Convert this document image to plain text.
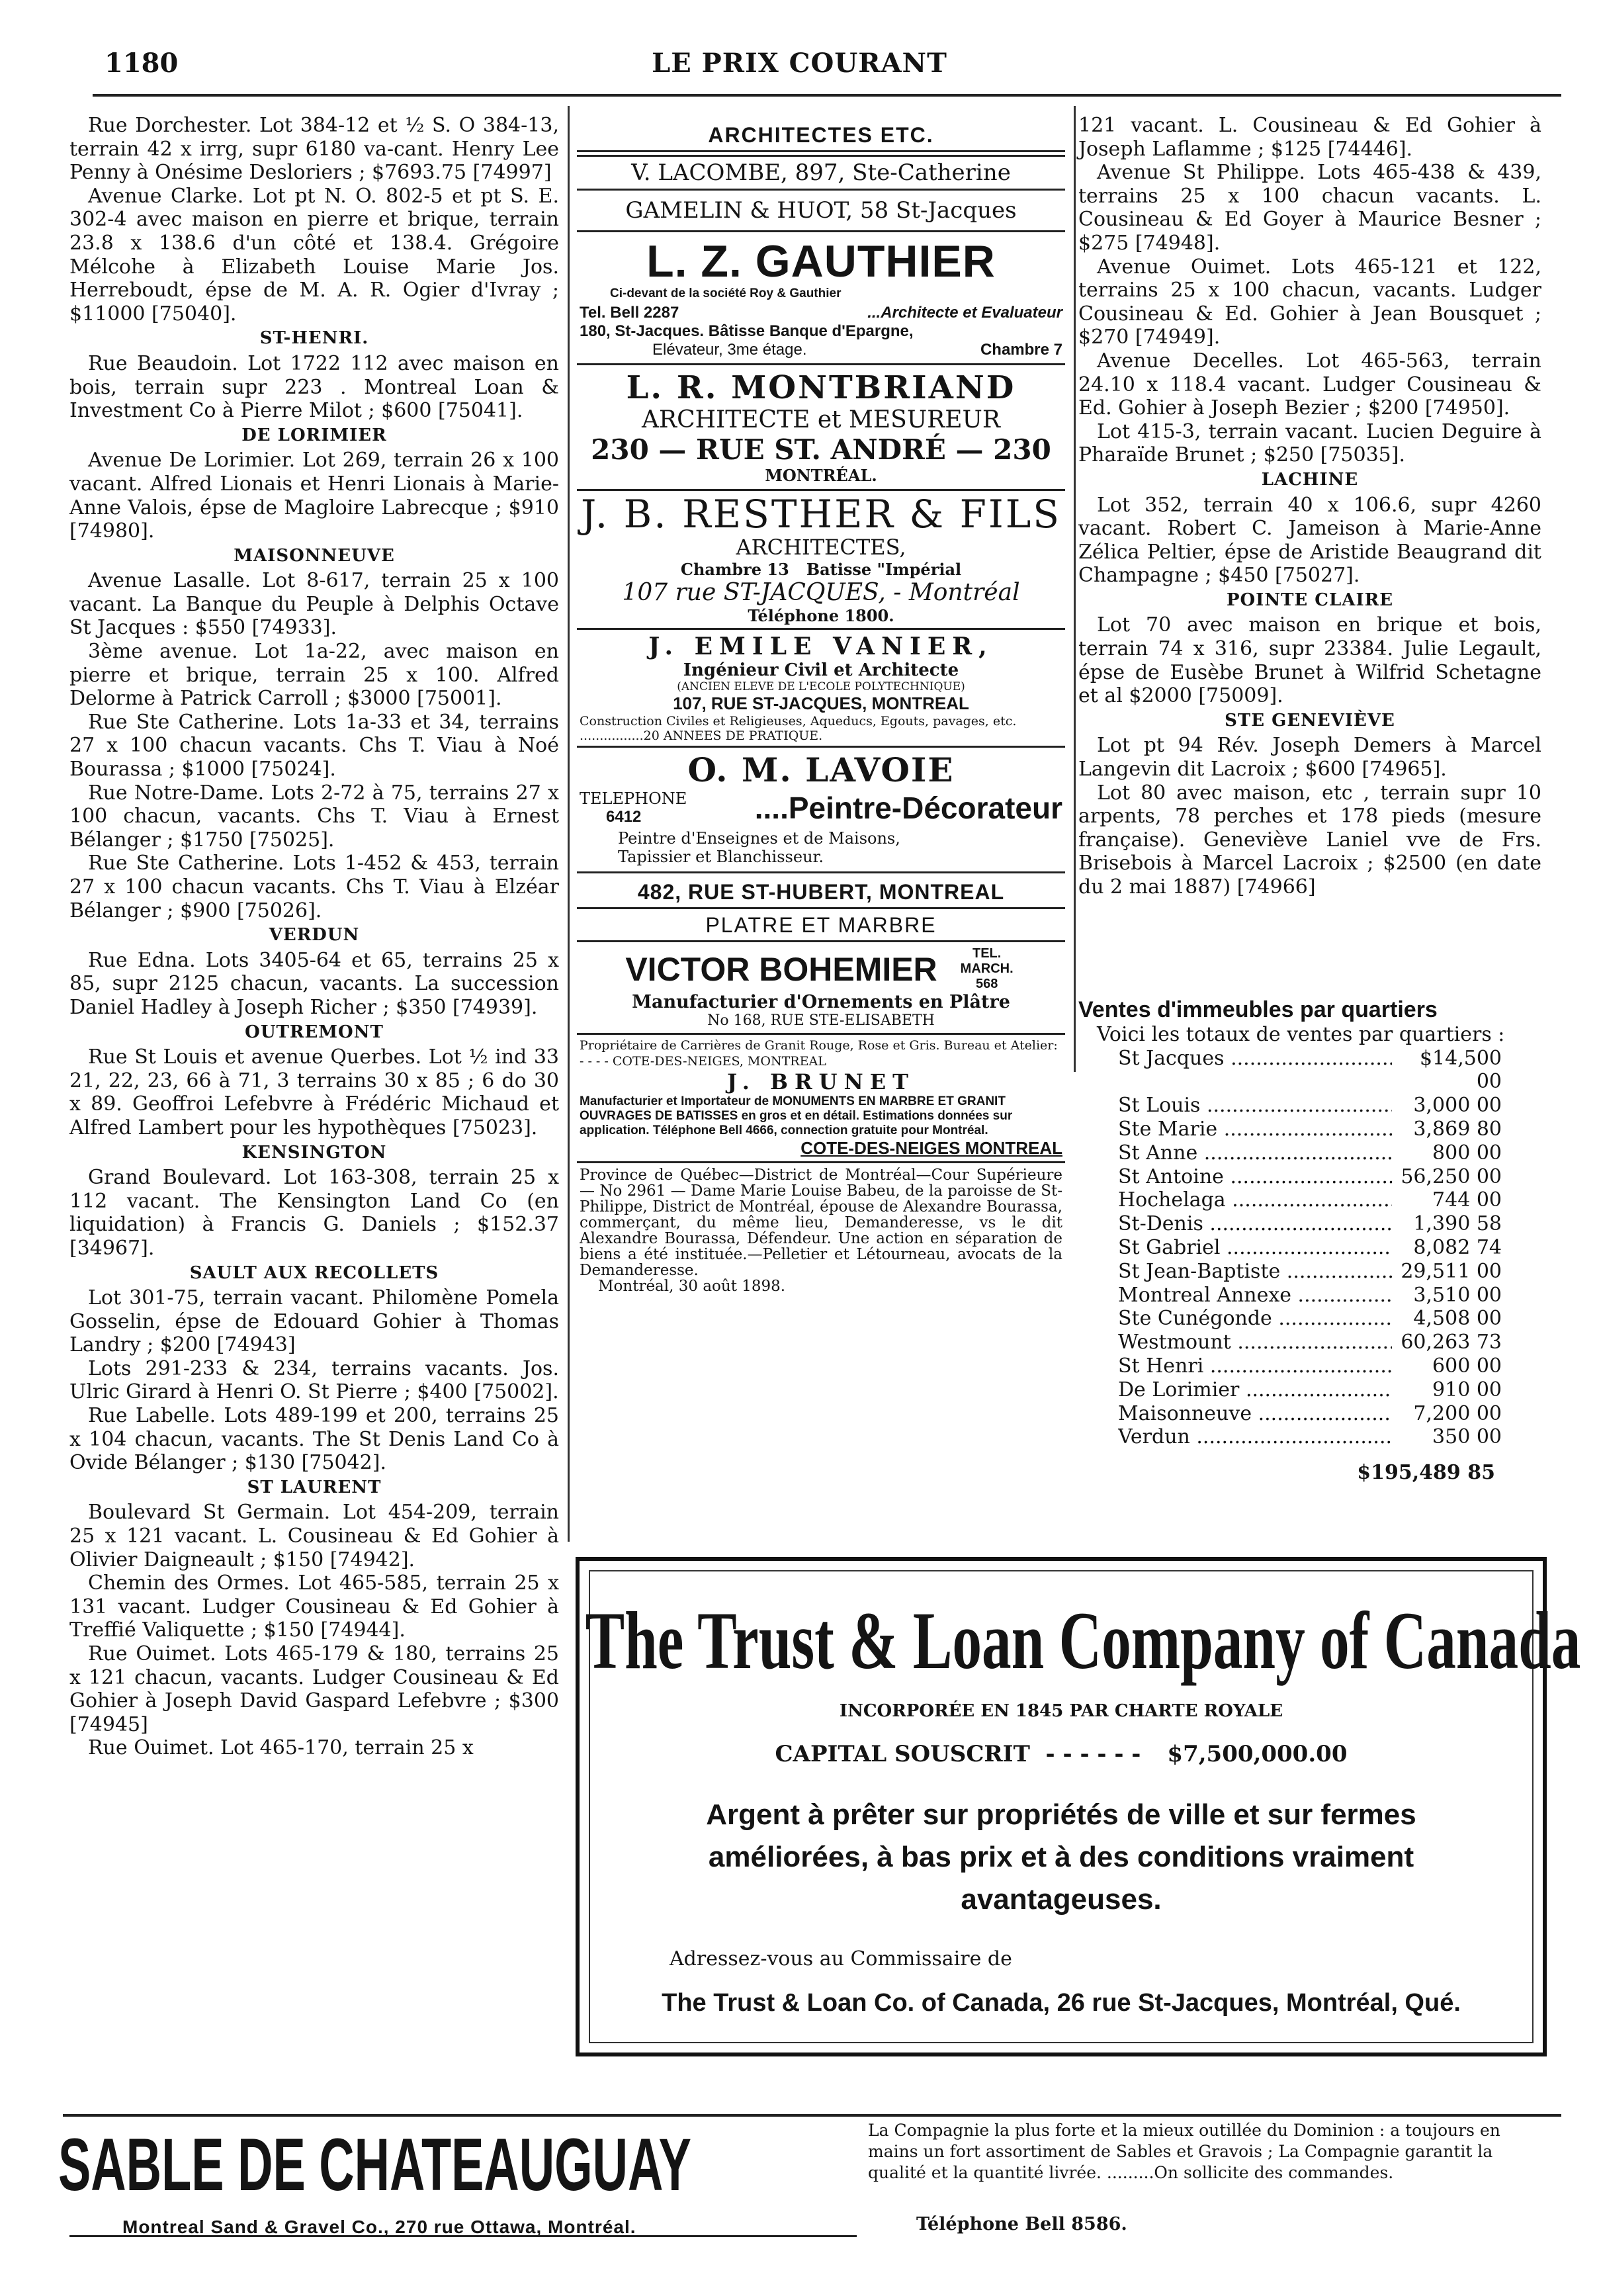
1180	LE PRIX COURANT

Rue Dorchester. Lot 384-12 et ½ S. O 384-13, terrain 42 x irrg, supr 6180 va-cant. Henry Lee Penny à Onésime Desloriers ; $7693.75 [74997]

Avenue Clarke. Lot pt N. O. 802-5 et pt S. E. 302-4 avec maison en pierre et brique, terrain 23.8 x 138.6 d'un côté et 138.4. Grégoire Mélcohe à Elizabeth Louise Marie Jos. Herreboudt, épse de M. A. R. Ogier d'Ivray ; $11000 [75040].

ST-HENRI.

Rue Beaudoin. Lot 1722 112 avec maison en bois, terrain supr 223 . Montreal Loan & Investment Co à Pierre Milot ; $600 [75041].

DE LORIMIER

Avenue De Lorimier. Lot 269, terrain 26 x 100 vacant. Alfred Lionais et Henri Lionais à Marie-Anne Valois, épse de Magloire Labrecque ; $910 [74980].

MAISONNEUVE

Avenue Lasalle. Lot 8-617, terrain 25 x 100 vacant. La Banque du Peuple à Delphis Octave St Jacques : $550 [74933].

3ème avenue. Lot 1a-22, avec maison en pierre et brique, terrain 25 x 100. Alfred Delorme à Patrick Carroll ; $3000 [75001].

Rue Ste Catherine. Lots 1a-33 et 34, terrains 27 x 100 chacun vacants. Chs T. Viau à Noé Bourassa ; $1000 [75024].

Rue Notre-Dame. Lots 2-72 à 75, terrains 27 x 100 chacun, vacants. Chs T. Viau à Ernest Bélanger ; $1750 [75025].

Rue Ste Catherine. Lots 1-452 & 453, terrain 27 x 100 chacun vacants. Chs T. Viau à Elzéar Bélanger ; $900 [75026].

VERDUN

Rue Edna. Lots 3405-64 et 65, terrains 25 x 85, supr 2125 chacun, vacants. La succession Daniel Hadley à Joseph Richer ; $350 [74939].

OUTREMONT

Rue St Louis et avenue Querbes. Lot ½ ind 33 21, 22, 23, 66 à 71, 3 terrains 30 x 85 ; 6 do 30 x 89. Geoffroi Lefebvre à Frédéric Michaud et Alfred Lambert pour les hypothèques [75023].

KENSINGTON

Grand Boulevard. Lot 163-308, terrain 25 x 112 vacant. The Kensington Land Co (en liquidation) à Francis G. Daniels ; $152.37 [34967].

SAULT AUX RECOLLETS

Lot 301-75, terrain vacant. Philomène Pomela Gosselin, épse de Edouard Gohier à Thomas Landry ; $200 [74943]

Lots 291-233 & 234, terrains vacants. Jos. Ulric Girard à Henri O. St Pierre ; $400 [75002].

Rue Labelle. Lots 489-199 et 200, terrains 25 x 104 chacun, vacants. The St Denis Land Co à Ovide Bélanger ; $130 [75042].

ST LAURENT

Boulevard St Germain. Lot 454-209, terrain 25 x 121 vacant. L. Cousineau & Ed Gohier à Olivier Daigneault ; $150 [74942].

Chemin des Ormes. Lot 465-585, terrain 25 x 131 vacant. Ludger Cousineau & Ed Gohier à Treffié Valiquette ; $150 [74944].

Rue Ouimet. Lots 465-179 & 180, terrains 25 x 121 chacun, vacants. Ludger Cousineau & Ed Gohier à Joseph David Gaspard Lefebvre ; $300 [74945]

Rue Ouimet. Lot 465-170, terrain 25 x

ARCHITECTES ETC.
V. LACOMBE, 897, Ste-Catherine
GAMELIN & HUOT, 58 St-Jacques
L. Z. GAUTHIER
Ci-devant de la société Roy & Gauthier
Tel. Bell 2287	...Architecte et Evaluateur
180, St-Jacques. Bâtisse Banque d'Epargne,
Elévateur, 3me étage.	Chambre 7
L. R. MONTBRIAND
ARCHITECTE et MESUREUR
230 — RUE ST. ANDRÉ — 230
MONTRÉAL.
J. B. RESTHER & FILS
ARCHITECTES,
Chambre 13 Batisse "Impérial
107 rue ST-JACQUES, - Montréal
Téléphone 1800.
J. EMILE VANIER,
Ingénieur Civil et Architecte
(ANCIEN ELEVE DE L'ECOLE POLYTECHNIQUE)
107, RUE ST-JACQUES, MONTREAL
Construction Civiles et Religieuses, Aqueducs, Egouts, pavages, etc. ................20 ANNEES DE PRATIQUE.
O. M. LAVOIE
TELEPHONE
6412	....Peintre-Décorateur
Peintre d'Enseignes et de Maisons, Tapissier et Blanchisseur.
482, RUE ST-HUBERT, MONTREAL
PLATRE ET MARBRE
VICTOR BOHEMIER	TEL. MARCH. 568
Manufacturier d'Ornements en Plâtre
No 168, RUE STE-ELISABETH
Propriétaire de Carrières de Granit Rouge, Rose et Gris. Bureau et Atelier: - - - - COTE-DES-NEIGES, MONTREAL
J. BRUNET
Manufacturier et Importateur de MONUMENTS EN MARBRE ET GRANIT OUVRAGES DE BATISSES en gros et en détail. Estimations données sur application. Téléphone Bell 4666, connection gratuite pour Montréal.
COTE-DES-NEIGES MONTREAL
Province de Québec—District de Montréal—Cour Supérieure — No 2961 — Dame Marie Louise Babeu, de la paroisse de St-Philippe, District de Montréal, épouse de Alexandre Bourassa, commerçant, du même lieu, Demanderesse, vs le dit Alexandre Bourassa, Défendeur. Une action en séparation de biens a été instituée.—Pelletier et Létourneau, avocats de la Demanderesse.
Montréal, 30 août 1898.

121 vacant. L. Cousineau & Ed Gohier à Joseph Laflamme ; $125 [74446].

Avenue St Philippe. Lots 465-438 & 439, terrains 25 x 100 chacun vacants. L. Cousineau & Ed Goyer à Maurice Besner ; $275 [74948].

Avenue Ouimet. Lots 465-121 et 122, terrains 25 x 100 chacun, vacants. Ludger Cousineau & Ed. Gohier à Jean Bousquet ; $270 [74949].

Avenue Decelles. Lot 465-563, terrain 24.10 x 118.4 vacant. Ludger Cousineau & Ed. Gohier à Joseph Bezier ; $200 [74950].

Lot 415-3, terrain vacant. Lucien Deguire à Pharaïde Brunet ; $250 [75035].

LACHINE

Lot 352, terrain 40 x 106.6, supr 4260 vacant. Robert C. Jameison à Marie-Anne Zélica Peltier, épse de Aristide Beaugrand dit Champagne ; $450 [75027].

POINTE CLAIRE

Lot 70 avec maison en brique et bois, terrain 74 x 316, supr 23384. Julie Legault, épse de Eusèbe Brunet à Wilfrid Schetagne et al $2000 [75009].

STE GENEVIÈVE

Lot pt 94 Rév. Joseph Demers à Marcel Langevin dit Lacroix ; $600 [74965].

Lot 80 avec maison, etc , terrain supr 10 arpents, 78 perches et 178 pieds (mesure française). Geneviève Laniel vve de Frs. Brisebois à Marcel Lacroix ; $2500 (en date du 2 mai 1887) [74966]

Ventes d'immeubles par quartiers

Voici les totaux de ventes par quartiers :

St Jacques .....	$14,500 00
St Louis .....	3,000 00
Ste Marie .....	3,869 80
St Anne .....	800 00
St Antoine .....	56,250 00
Hochelaga .....	744 00
St-Denis .....	1,390 58
St Gabriel .....	8,082 74
St Jean-Baptiste .....	29,511 00
Montreal Annexe .....	3,510 00
Ste Cunégonde .....	4,508 00
Westmount .....	60,263 73
St Henri .....	600 00
De Lorimier .....	910 00
Maisonneuve .....	7,200 00
Verdun .....	350 00
$195,489 85
The Trust & Loan Company of Canada
INCORPORÉE EN 1845 PAR CHARTE ROYALE
CAPITAL SOUSCRIT  - - - - - - $7,500,000.00
Argent à prêter sur propriétés de ville et sur fermes améliorées, à bas prix et à des conditions vraiment avantageuses.
Adressez-vous au Commissaire de
The Trust & Loan Co. of Canada, 26 rue St-Jacques, Montréal, Qué.
SABLE DE CHATEAUGUAY	La Compagnie la plus forte et la mieux outillée du Dominion : a toujours en mains un fort assortiment de Sables et Gravois ; La Compagnie garantit la qualité et la quantité livrée. .........On sollicite des commandes.
Montreal Sand & Gravel Co., 270 rue Ottawa, Montréal.	Téléphone Bell 8586.
